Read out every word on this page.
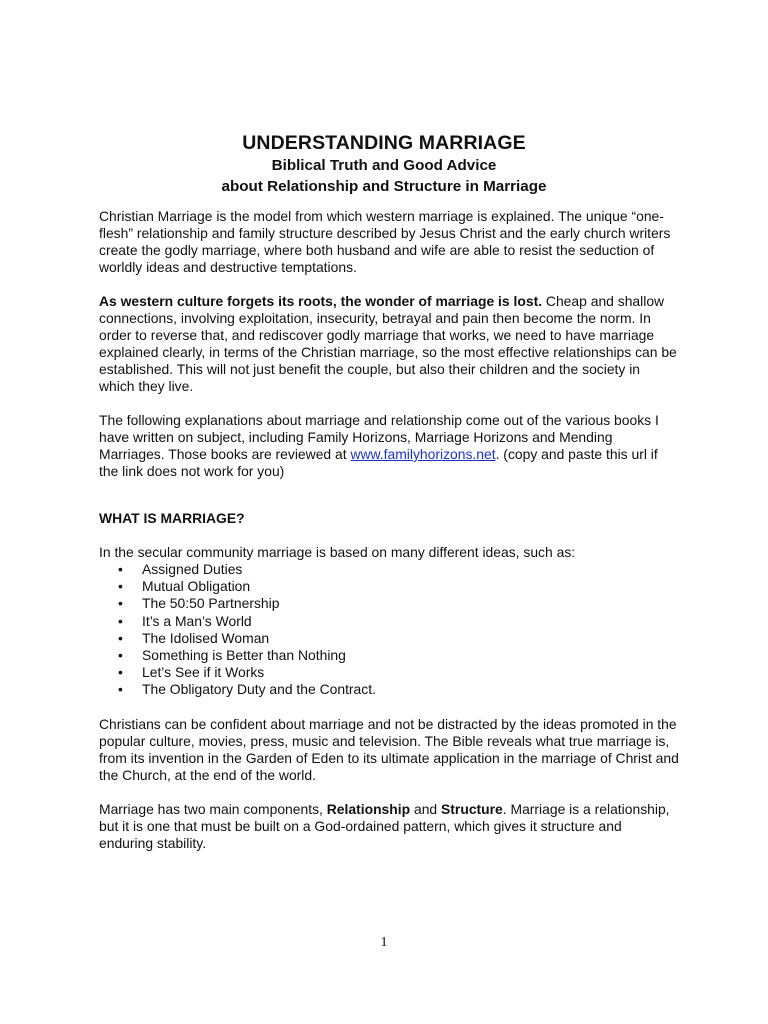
UNDERSTANDING MARRIAGE

Biblical Truth and Good Advice

about Relationship and Structure in Marriage

Christian Marriage is the model from which western marriage is explained. The unique “one-flesh” relationship and family structure described by Jesus Christ and the early church writers create the godly marriage, where both husband and wife are able to resist the seduction of worldly ideas and destructive temptations.

As western culture forgets its roots, the wonder of marriage is lost. Cheap and shallow connections, involving exploitation, insecurity, betrayal and pain then become the norm. In order to reverse that, and rediscover godly marriage that works, we need to have marriage explained clearly, in terms of the Christian marriage, so the most effective relationships can be established. This will not just benefit the couple, but also their children and the society in which they live.

The following explanations about marriage and relationship come out of the various books I have written on subject, including Family Horizons, Marriage Horizons and Mending Marriages. Those books are reviewed at www.familyhorizons.net. (copy and paste this url if the link does not work for you)

WHAT IS MARRIAGE?

In the secular community marriage is based on many different ideas, such as:

• Assigned Duties
• Mutual Obligation
• The 50:50 Partnership
• It’s a Man’s World
• The Idolised Woman
• Something is Better than Nothing
• Let’s See if it Works
• The Obligatory Duty and the Contract.

Christians can be confident about marriage and not be distracted by the ideas promoted in the popular culture, movies, press, music and television. The Bible reveals what true marriage is, from its invention in the Garden of Eden to its ultimate application in the marriage of Christ and the Church, at the end of the world.

Marriage has two main components, Relationship and Structure. Marriage is a relationship, but it is one that must be built on a God-ordained pattern, which gives it structure and enduring stability.

1
